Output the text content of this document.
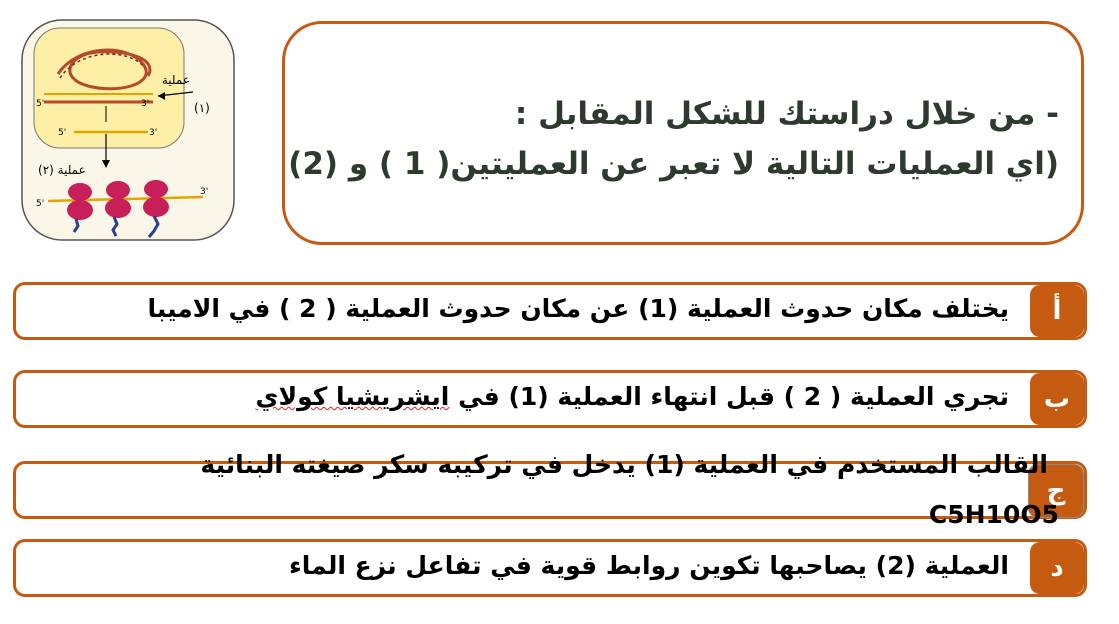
5'	3'
عملية
(١)
5'	3'
عملية (٢)
5'
3'
- من خلال دراستك للشكل المقابل :
(اي العمليات التالية لا تعبر عن العمليتين( 1 ) و (2)
أ
يختلف مكان حدوث العملية (1) عن مكان حدوث العملية ( 2 ) في الاميبا
ب
تجري العملية ( 2 ) قبل انتهاء العملية (1) في ايشريشيا كولاي
ج
القالب المستخدم في العملية (1) يدخل في تركيبه سكر صيغته البنائية
C5H10O5
د
العملية (2) يصاحبها تكوين روابط قوية في تفاعل نزع الماء
